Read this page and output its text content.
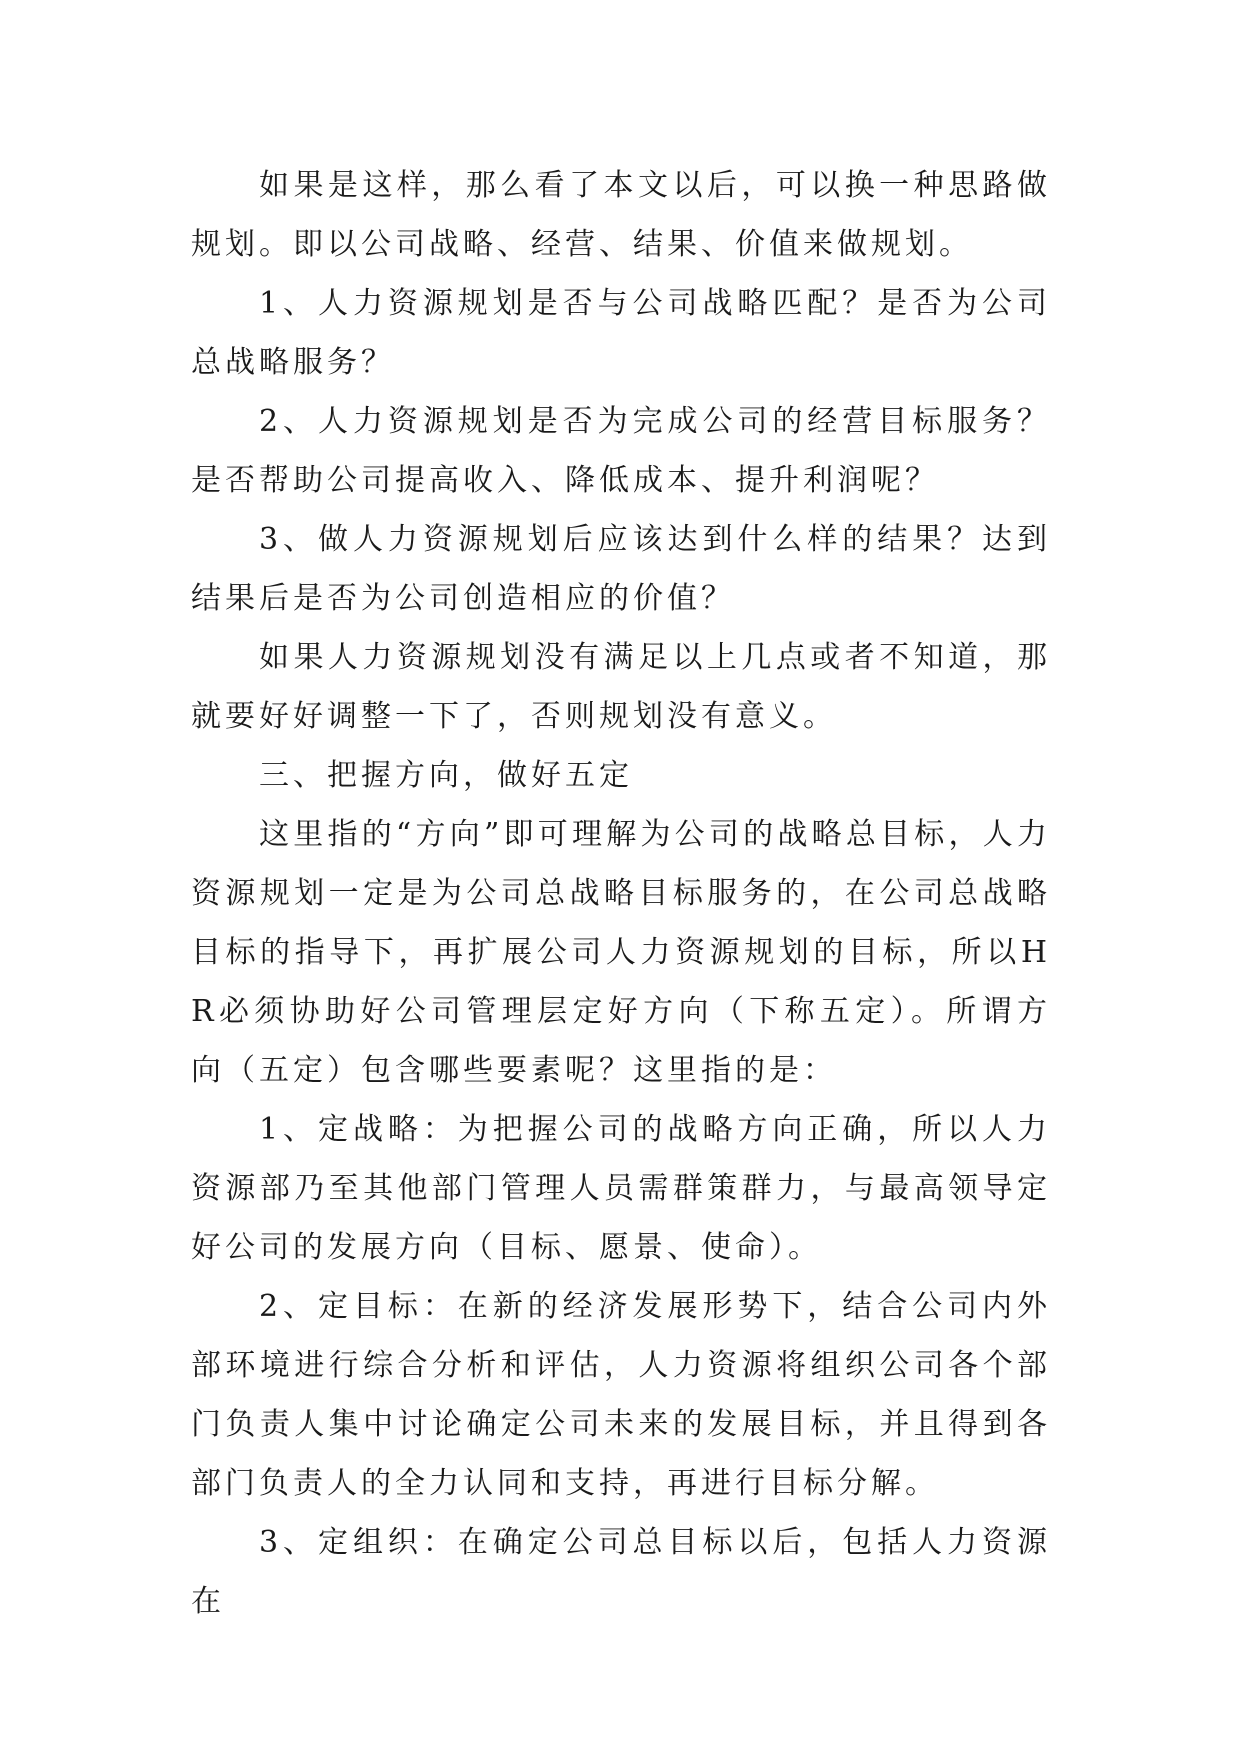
如果是这样，那么看了本文以后，可以换一种思路做规划。即以公司战略、经营、结果、价值来做规划。

1、人力资源规划是否与公司战略匹配？是否为公司总战略服务？

2、人力资源规划是否为完成公司的经营目标服务？是否帮助公司提高收入、降低成本、提升利润呢？

3、做人力资源规划后应该达到什么样的结果？达到结果后是否为公司创造相应的价值？

如果人力资源规划没有满足以上几点或者不知道，那就要好好调整一下了，否则规划没有意义。

三、把握方向，做好五定

这里指的“方向”即可理解为公司的战略总目标，人力资源规划一定是为公司总战略目标服务的，在公司总战略目标的指导下，再扩展公司人力资源规划的目标，所以HR必须协助好公司管理层定好方向（下称五定）。所谓方向（五定）包含哪些要素呢？这里指的是：

1、定战略：为把握公司的战略方向正确，所以人力资源部乃至其他部门管理人员需群策群力，与最高领导定好公司的发展方向（目标、愿景、使命）。

2、定目标：在新的经济发展形势下，结合公司内外部环境进行综合分析和评估，人力资源将组织公司各个部门负责人集中讨论确定公司未来的发展目标，并且得到各部门负责人的全力认同和支持，再进行目标分解。

3、定组织：在确定公司总目标以后，包括人力资源在
